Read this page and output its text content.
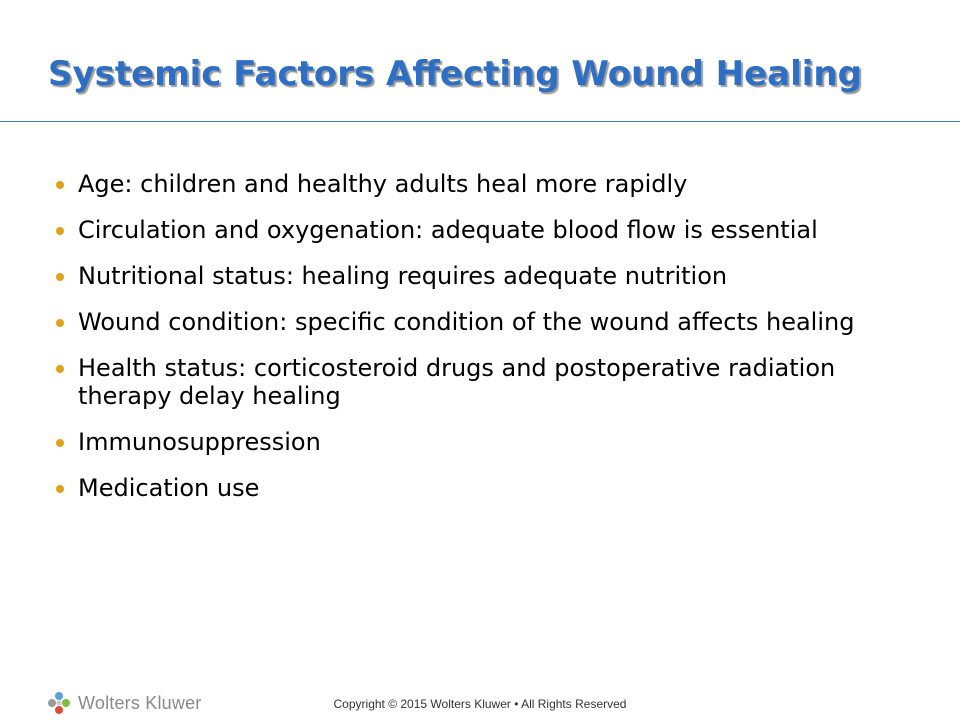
Systemic Factors Affecting Wound Healing
Age: children and healthy adults heal more rapidly
Circulation and oxygenation: adequate blood flow is essential
Nutritional status: healing requires adequate nutrition
Wound condition: specific condition of the wound affects healing
Health status: corticosteroid drugs and postoperative radiation therapy delay healing
Immunosuppression
Medication use
Wolters Kluwer	Copyright © 2015 Wolters Kluwer • All Rights Reserved
